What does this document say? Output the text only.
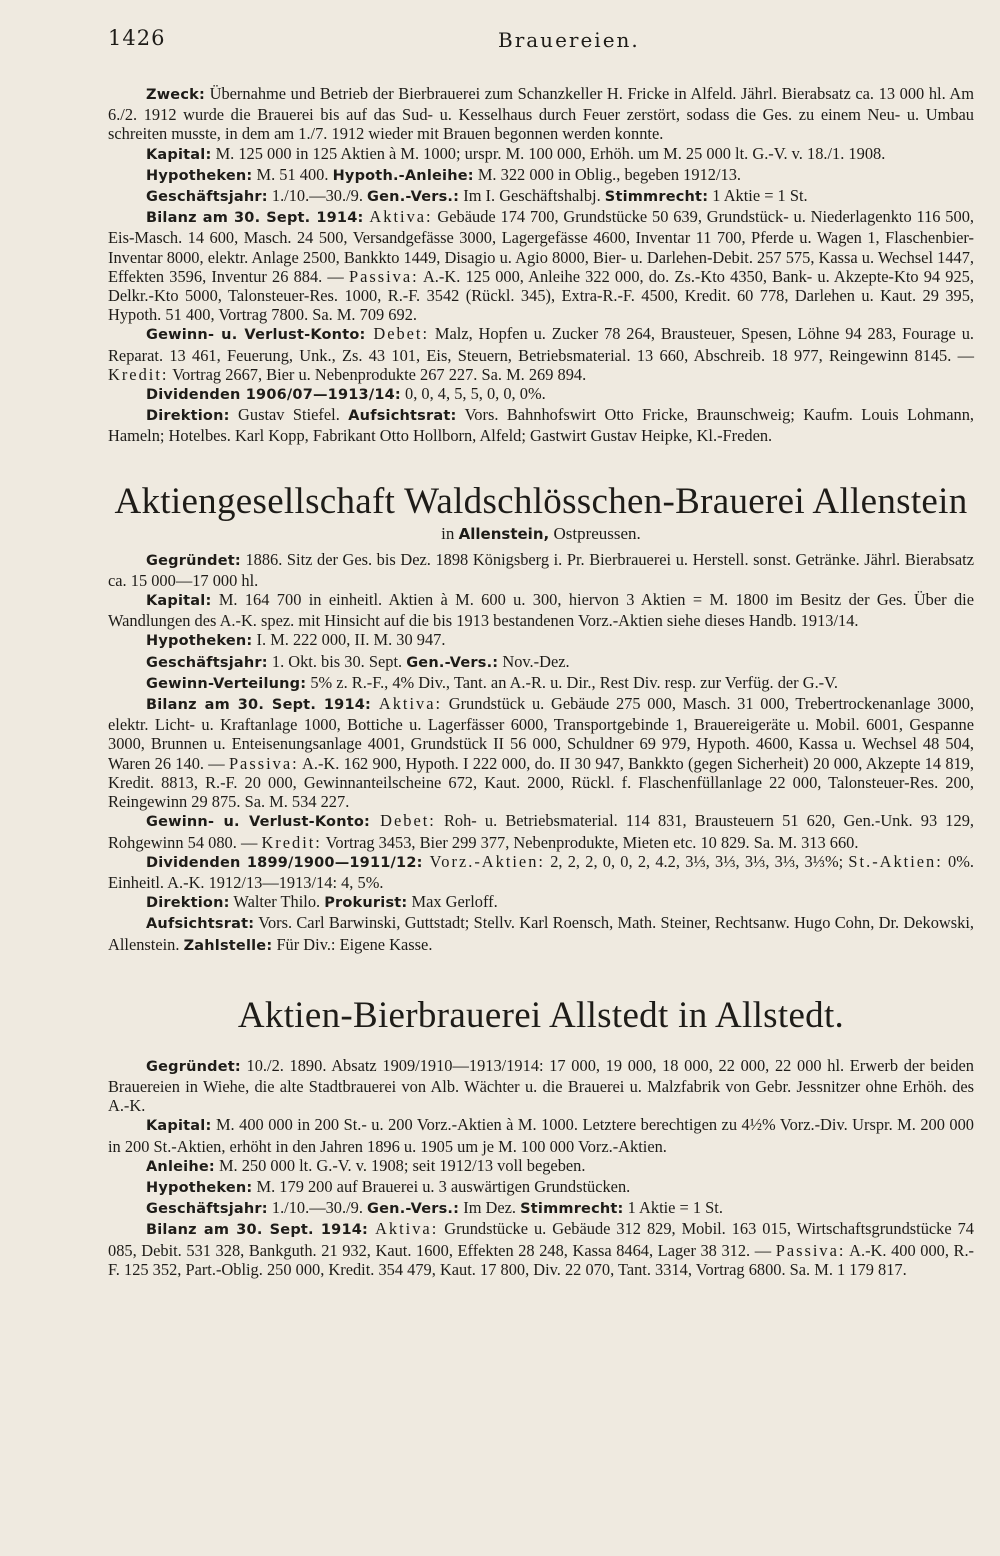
1426	Brauereien.

Zweck: Übernahme und Betrieb der Bierbrauerei zum Schanzkeller H. Fricke in Alfeld. Jährl. Bierabsatz ca. 13 000 hl. Am 6./2. 1912 wurde die Brauerei bis auf das Sud- u. Kesselhaus durch Feuer zerstört, sodass die Ges. zu einem Neu- u. Umbau schreiten musste, in dem am 1./7. 1912 wieder mit Brauen begonnen werden konnte.

Kapital: M. 125 000 in 125 Aktien à M. 1000; urspr. M. 100 000, Erhöh. um M. 25 000 lt. G.-V. v. 18./1. 1908.

Hypotheken: M. 51 400. Hypoth.-Anleihe: M. 322 000 in Oblig., begeben 1912/13.

Geschäftsjahr: 1./10.—30./9. Gen.-Vers.: Im I. Geschäftshalbj. Stimmrecht: 1 Aktie = 1 St.

Bilanz am 30. Sept. 1914: Aktiva: Gebäude 174 700, Grundstücke 50 639, Grundstück- u. Niederlagenkto 116 500, Eis-Masch. 14 600, Masch. 24 500, Versandgefässe 3000, Lagergefässe 4600, Inventar 11 700, Pferde u. Wagen 1, Flaschenbier-Inventar 8000, elektr. Anlage 2500, Bankkto 1449, Disagio u. Agio 8000, Bier- u. Darlehen-Debit. 257 575, Kassa u. Wechsel 1447, Effekten 3596, Inventur 26 884. — Passiva: A.-K. 125 000, Anleihe 322 000, do. Zs.-Kto 4350, Bank- u. Akzepte-Kto 94 925, Delkr.-Kto 5000, Talonsteuer-Res. 1000, R.-F. 3542 (Rückl. 345), Extra-R.-F. 4500, Kredit. 60 778, Darlehen u. Kaut. 29 395, Hypoth. 51 400, Vortrag 7800. Sa. M. 709 692.

Gewinn- u. Verlust-Konto: Debet: Malz, Hopfen u. Zucker 78 264, Brausteuer, Spesen, Löhne 94 283, Fourage u. Reparat. 13 461, Feuerung, Unk., Zs. 43 101, Eis, Steuern, Betriebsmaterial. 13 660, Abschreib. 18 977, Reingewinn 8145. — Kredit: Vortrag 2667, Bier u. Nebenprodukte 267 227. Sa. M. 269 894.

Dividenden 1906/07—1913/14: 0, 0, 4, 5, 5, 0, 0, 0%.

Direktion: Gustav Stiefel. Aufsichtsrat: Vors. Bahnhofswirt Otto Fricke, Braunschweig; Kaufm. Louis Lohmann, Hameln; Hotelbes. Karl Kopp, Fabrikant Otto Hollborn, Alfeld; Gastwirt Gustav Heipke, Kl.-Freden.

Aktiengesellschaft Waldschlösschen-Brauerei Allenstein

in Allenstein, Ostpreussen.

Gegründet: 1886. Sitz der Ges. bis Dez. 1898 Königsberg i. Pr. Bierbrauerei u. Herstell. sonst. Getränke. Jährl. Bierabsatz ca. 15 000—17 000 hl.

Kapital: M. 164 700 in einheitl. Aktien à M. 600 u. 300, hiervon 3 Aktien = M. 1800 im Besitz der Ges. Über die Wandlungen des A.-K. spez. mit Hinsicht auf die bis 1913 bestandenen Vorz.-Aktien siehe dieses Handb. 1913/14.

Hypotheken: I. M. 222 000, II. M. 30 947.

Geschäftsjahr: 1. Okt. bis 30. Sept. Gen.-Vers.: Nov.-Dez.

Gewinn-Verteilung: 5% z. R.-F., 4% Div., Tant. an A.-R. u. Dir., Rest Div. resp. zur Verfüg. der G.-V.

Bilanz am 30. Sept. 1914: Aktiva: Grundstück u. Gebäude 275 000, Masch. 31 000, Trebertrockenanlage 3000, elektr. Licht- u. Kraftanlage 1000, Bottiche u. Lagerfässer 6000, Transportgebinde 1, Brauereigeräte u. Mobil. 6001, Gespanne 3000, Brunnen u. Enteisenungsanlage 4001, Grundstück II 56 000, Schuldner 69 979, Hypoth. 4600, Kassa u. Wechsel 48 504, Waren 26 140. — Passiva: A.-K. 162 900, Hypoth. I 222 000, do. II 30 947, Bankkto (gegen Sicherheit) 20 000, Akzepte 14 819, Kredit. 8813, R.-F. 20 000, Gewinnanteilscheine 672, Kaut. 2000, Rückl. f. Flaschenfüllanlage 22 000, Talonsteuer-Res. 200, Reingewinn 29 875. Sa. M. 534 227.

Gewinn- u. Verlust-Konto: Debet: Roh- u. Betriebsmaterial. 114 831, Brausteuern 51 620, Gen.-Unk. 93 129, Rohgewinn 54 080. — Kredit: Vortrag 3453, Bier 299 377, Nebenprodukte, Mieten etc. 10 829. Sa. M. 313 660.

Dividenden 1899/1900—1911/12: Vorz.-Aktien: 2, 2, 2, 0, 0, 2, 4.2, 3⅓, 3⅓, 3⅓, 3⅓, 3⅓%; St.-Aktien: 0%. Einheitl. A.-K. 1912/13—1913/14: 4, 5%.

Direktion: Walter Thilo. Prokurist: Max Gerloff.

Aufsichtsrat: Vors. Carl Barwinski, Guttstadt; Stellv. Karl Roensch, Math. Steiner, Rechtsanw. Hugo Cohn, Dr. Dekowski, Allenstein. Zahlstelle: Für Div.: Eigene Kasse.

Aktien-Bierbrauerei Allstedt in Allstedt.

Gegründet: 10./2. 1890. Absatz 1909/1910—1913/1914: 17 000, 19 000, 18 000, 22 000, 22 000 hl. Erwerb der beiden Brauereien in Wiehe, die alte Stadtbrauerei von Alb. Wächter u. die Brauerei u. Malzfabrik von Gebr. Jessnitzer ohne Erhöh. des A.-K.

Kapital: M. 400 000 in 200 St.- u. 200 Vorz.-Aktien à M. 1000. Letztere berechtigen zu 4½% Vorz.-Div. Urspr. M. 200 000 in 200 St.-Aktien, erhöht in den Jahren 1896 u. 1905 um je M. 100 000 Vorz.-Aktien.

Anleihe: M. 250 000 lt. G.-V. v. 1908; seit 1912/13 voll begeben.

Hypotheken: M. 179 200 auf Brauerei u. 3 auswärtigen Grundstücken.

Geschäftsjahr: 1./10.—30./9. Gen.-Vers.: Im Dez. Stimmrecht: 1 Aktie = 1 St.

Bilanz am 30. Sept. 1914: Aktiva: Grundstücke u. Gebäude 312 829, Mobil. 163 015, Wirtschaftsgrundstücke 74 085, Debit. 531 328, Bankguth. 21 932, Kaut. 1600, Effekten 28 248, Kassa 8464, Lager 38 312. — Passiva: A.-K. 400 000, R.-F. 125 352, Part.-Oblig. 250 000, Kredit. 354 479, Kaut. 17 800, Div. 22 070, Tant. 3314, Vortrag 6800. Sa. M. 1 179 817.
